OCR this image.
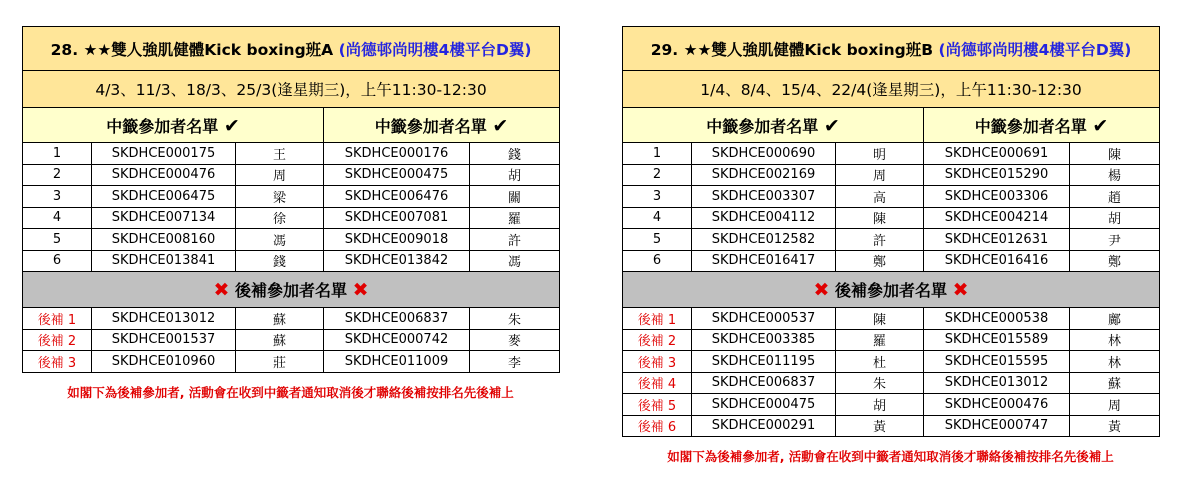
28. ★★雙人強肌健體Kick boxing班A (尚德邨尚明樓4樓平台D翼)				
4/3、11/3、18/3、25/3(逢星期三)，上午11:30-12:30				
中籤參加者名單 ✔			中籤參加者名單 ✔	
1	SKDHCE000175	王	SKDHCE000176	錢
2	SKDHCE000476	周	SKDHCE000475	胡
3	SKDHCE006475	梁	SKDHCE006476	關
4	SKDHCE007134	徐	SKDHCE007081	羅
5	SKDHCE008160	馮	SKDHCE009018	許
6	SKDHCE013841	錢	SKDHCE013842	馮
✖ 後補參加者名單 ✖				
後補 1	SKDHCE013012	蘇	SKDHCE006837	朱
後補 2	SKDHCE001537	蘇	SKDHCE000742	麥
後補 3	SKDHCE010960	莊	SKDHCE011009	李
如閣下為後補參加者, 活動會在收到中籤者通知取消後才聯絡後補按排名先後補上
29. ★★雙人強肌健體Kick boxing班B (尚德邨尚明樓4樓平台D翼)				
1/4、8/4、15/4、22/4(逢星期三)，上午11:30-12:30				
中籤參加者名單 ✔			中籤參加者名單 ✔	
1	SKDHCE000690	明	SKDHCE000691	陳
2	SKDHCE002169	周	SKDHCE015290	楊
3	SKDHCE003307	高	SKDHCE003306	趙
4	SKDHCE004112	陳	SKDHCE004214	胡
5	SKDHCE012582	許	SKDHCE012631	尹
6	SKDHCE016417	鄭	SKDHCE016416	鄭
✖ 後補參加者名單 ✖				
後補 1	SKDHCE000537	陳	SKDHCE000538	鄺
後補 2	SKDHCE003385	羅	SKDHCE015589	林
後補 3	SKDHCE011195	杜	SKDHCE015595	林
後補 4	SKDHCE006837	朱	SKDHCE013012	蘇
後補 5	SKDHCE000475	胡	SKDHCE000476	周
後補 6	SKDHCE000291	黃	SKDHCE000747	黃
如閣下為後補參加者, 活動會在收到中籤者通知取消後才聯絡後補按排名先後補上
